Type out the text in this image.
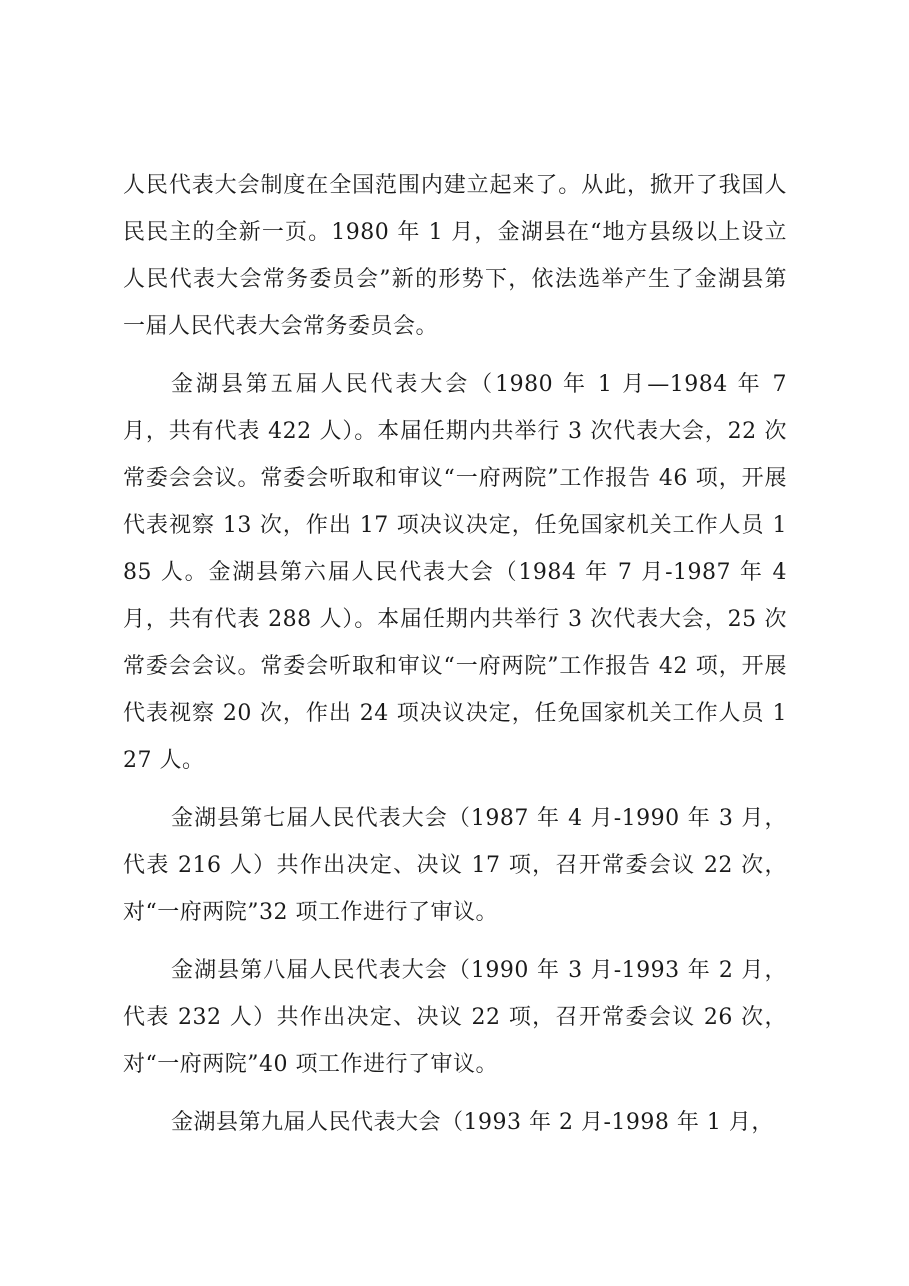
人民代表大会制度在全国范围内建立起来了。从此，掀开了我国人民民主的全新一页。1980 年 1 月，金湖县在“地方县级以上设立人民代表大会常务委员会”新的形势下，依法选举产生了金湖县第一届人民代表大会常务委员会。

金湖县第五届人民代表大会（1980 年 1 月—1984 年 7 月，共有代表 422 人）。本届任期内共举行 3 次代表大会，22 次常委会会议。常委会听取和审议“一府两院”工作报告 46 项，开展代表视察 13 次，作出 17 项决议决定，任免国家机关工作人员 185 人。金湖县第六届人民代表大会（1984 年 7 月-1987 年 4 月，共有代表 288 人）。本届任期内共举行 3 次代表大会，25 次常委会会议。常委会听取和审议“一府两院”工作报告 42 项，开展代表视察 20 次，作出 24 项决议决定，任免国家机关工作人员 127 人。

金湖县第七届人民代表大会（1987 年 4 月-1990 年 3 月，代表 216 人）共作出决定、决议 17 项，召开常委会议 22 次，对“一府两院”32 项工作进行了审议。

金湖县第八届人民代表大会（1990 年 3 月-1993 年 2 月，代表 232 人）共作出决定、决议 22 项，召开常委会议 26 次，对“一府两院”40 项工作进行了审议。

金湖县第九届人民代表大会（1993 年 2 月-1998 年 1 月，
